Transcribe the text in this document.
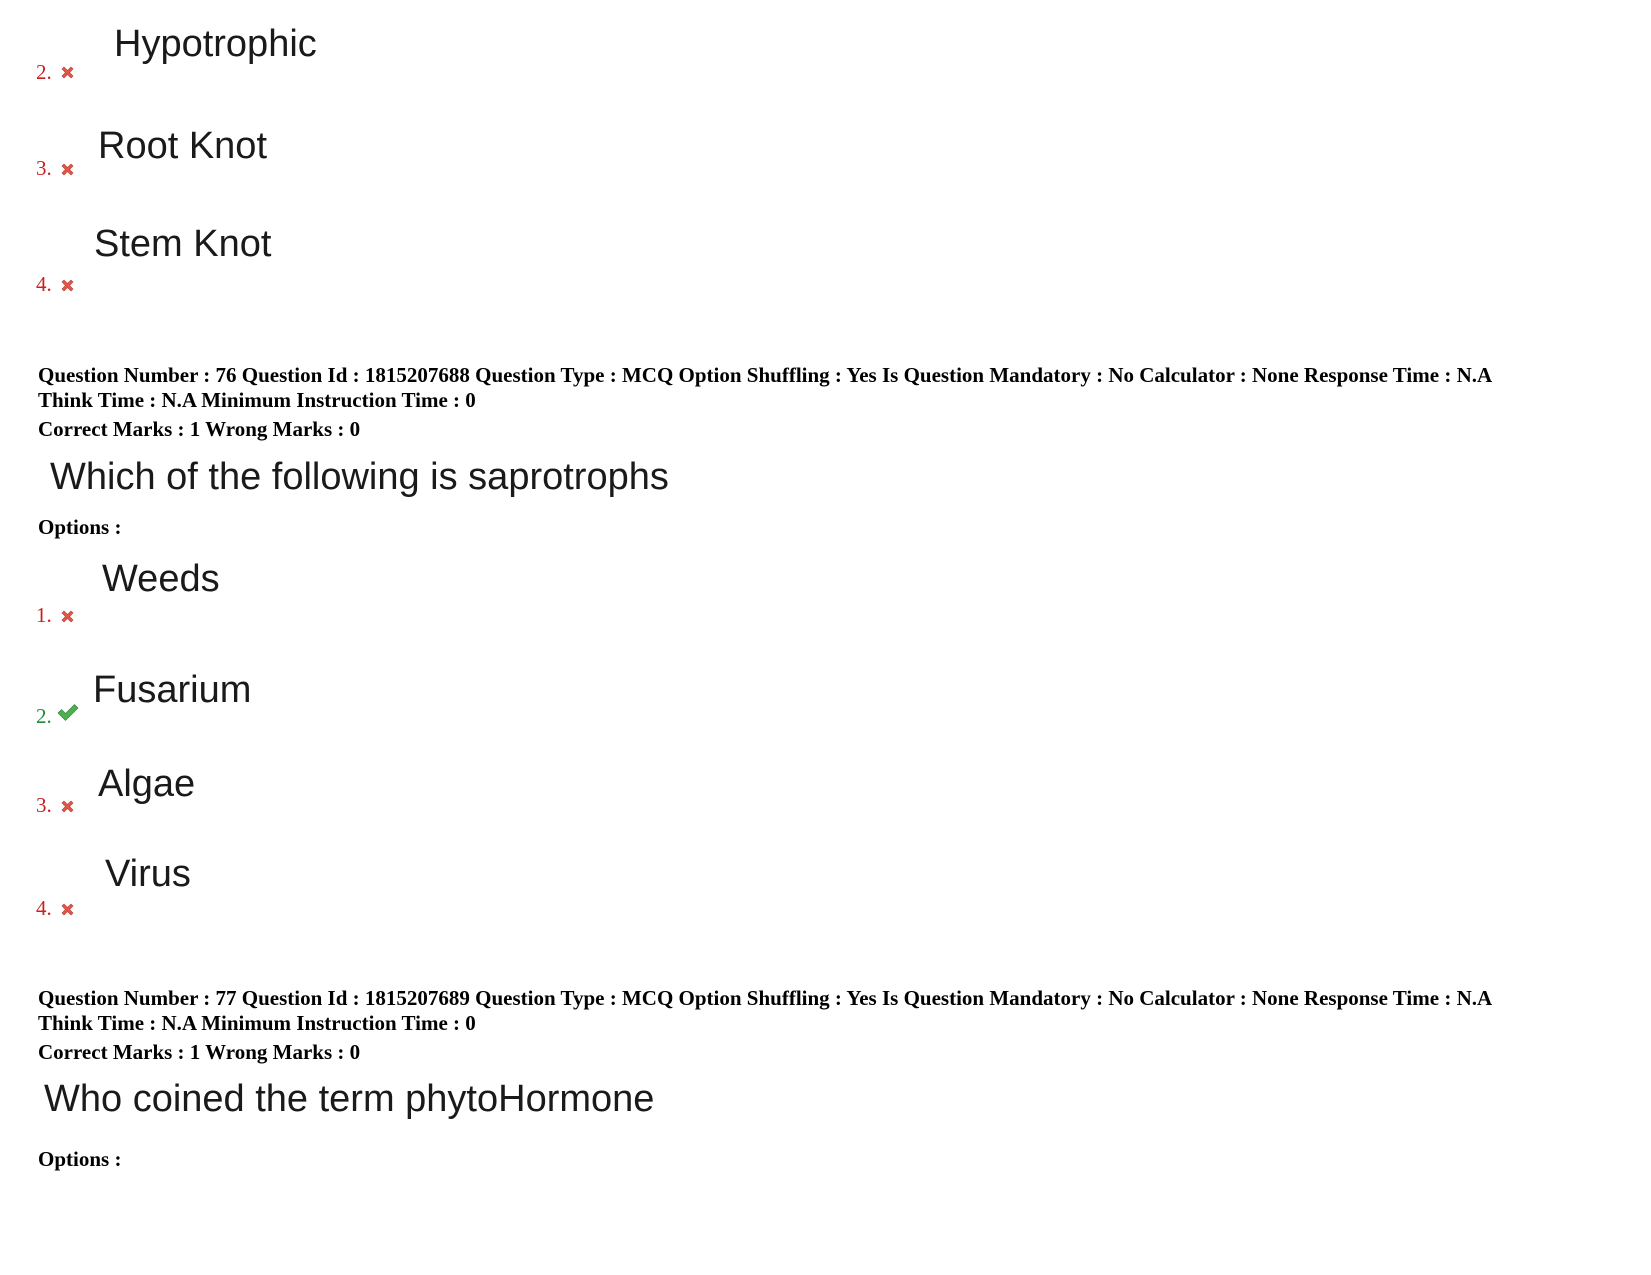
Hypotrophic
2.
Root Knot
3.
Stem Knot
4.
Question Number : 76 Question Id : 1815207688 Question Type : MCQ Option Shuffling : Yes Is Question Mandatory : No Calculator : None Response Time : N.A
Think Time : N.A Minimum Instruction Time : 0
Correct Marks : 1 Wrong Marks : 0
Which of the following is saprotrophs
Options :
Weeds
1.
Fusarium
2.
Algae
3.
Virus
4.
Question Number : 77 Question Id : 1815207689 Question Type : MCQ Option Shuffling : Yes Is Question Mandatory : No Calculator : None Response Time : N.A
Think Time : N.A Minimum Instruction Time : 0
Correct Marks : 1 Wrong Marks : 0
Who coined the term phytoHormone
Options :
